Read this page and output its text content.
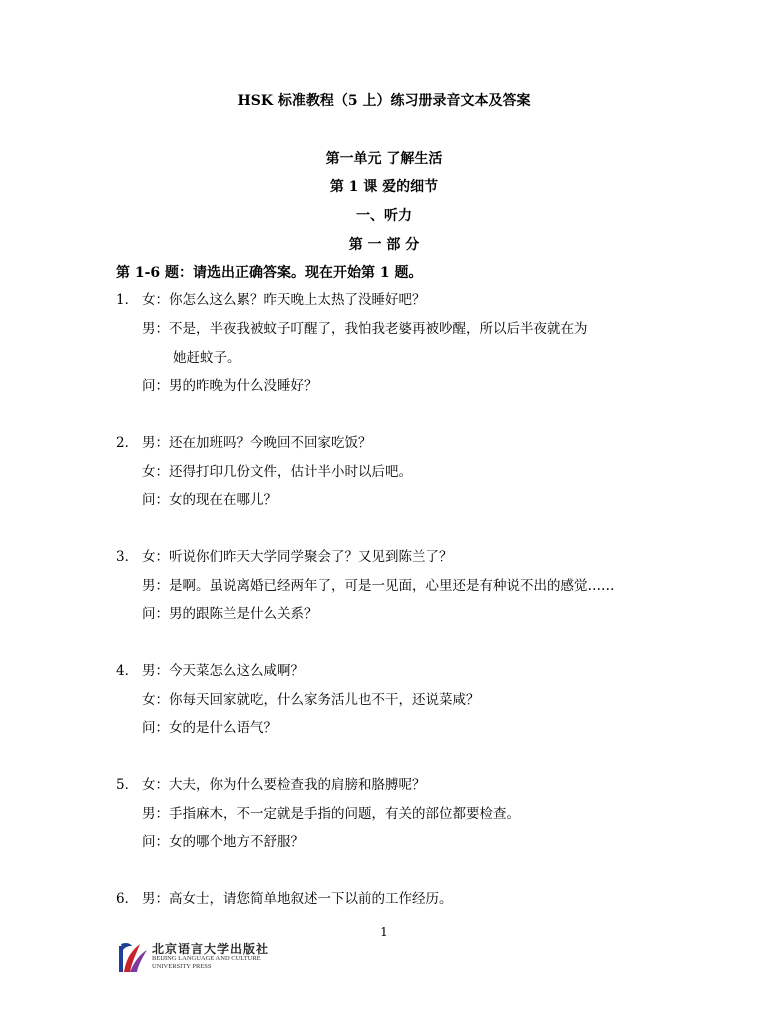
HSK 标准教程（5 上）练习册录音文本及答案
第一单元 了解生活
第 1 课 爱的细节
一、听力
第 一 部 分
第 1-6 题：请选出正确答案。现在开始第 1 题。
1． 女：你怎么这么累？昨天晚上太热了没睡好吧？
男：不是，半夜我被蚊子叮醒了，我怕我老婆再被吵醒，所以后半夜就在为
她赶蚊子。
问：男的昨晚为什么没睡好？
2． 男：还在加班吗？今晚回不回家吃饭？
女：还得打印几份文件，估计半小时以后吧。
问：女的现在在哪儿？
3． 女：听说你们昨天大学同学聚会了？又见到陈兰了？
男：是啊。虽说离婚已经两年了，可是一见面，心里还是有种说不出的感觉……
问：男的跟陈兰是什么关系？
4． 男：今天菜怎么这么咸啊？
女：你每天回家就吃，什么家务活儿也不干，还说菜咸？
问：女的是什么语气？
5． 女：大夫，你为什么要检查我的肩膀和胳膊呢？
男：手指麻木，不一定就是手指的问题，有关的部位都要检查。
问：女的哪个地方不舒服？
6． 男：高女士，请您简单地叙述一下以前的工作经历。
1
北京语言大学出版社
BEIJING LANGUAGE AND CULTURE
UNIVERSITY PRESS
